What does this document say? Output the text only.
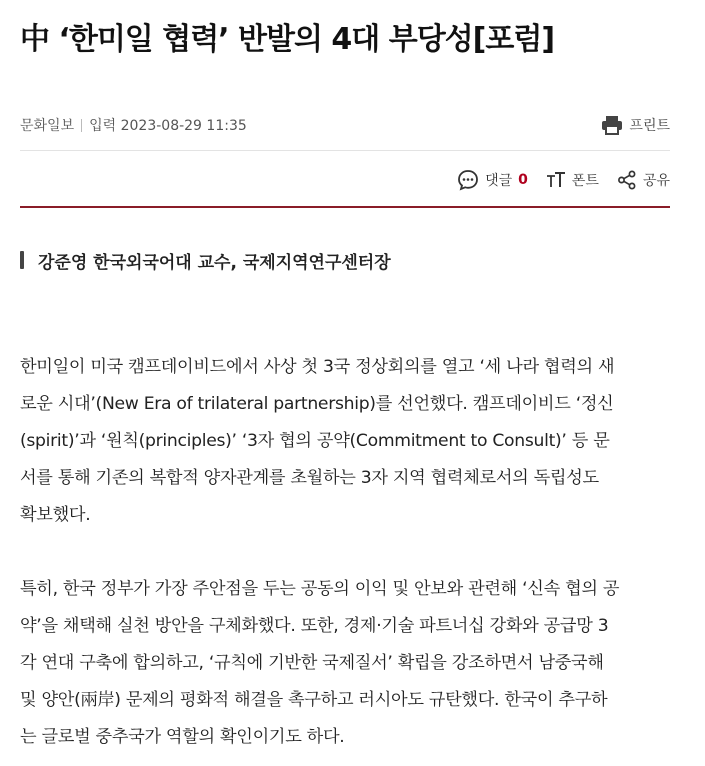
中 ‘한미일 협력’ 반발의 4대 부당성[포럼]
문화일보 입력 2023-08-29 11:35	프린트
댓글 0	폰트	공유
강준영 한국외국어대 교수, 국제지역연구센터장

한미일이 미국 캠프데이비드에서 사상 첫 3국 정상회의를 열고 ‘세 나라 협력의 새
로운 시대’(New Era of trilateral partnership)를 선언했다. 캠프데이비드 ‘정신
(spirit)’과 ‘원칙(principles)’ ‘3자 협의 공약(Commitment to Consult)’ 등 문
서를 통해 기존의 복합적 양자관계를 초월하는 3자 지역 협력체로서의 독립성도
확보했다.

특히, 한국 정부가 가장 주안점을 두는 공동의 이익 및 안보와 관련해 ‘신속 협의 공
약’을 채택해 실천 방안을 구체화했다. 또한, 경제·기술 파트너십 강화와 공급망 3
각 연대 구축에 합의하고, ‘규칙에 기반한 국제질서’ 확립을 강조하면서 남중국해
및 양안(兩岸) 문제의 평화적 해결을 촉구하고 러시아도 규탄했다. 한국이 추구하
는 글로벌 중추국가 역할의 확인이기도 하다.
